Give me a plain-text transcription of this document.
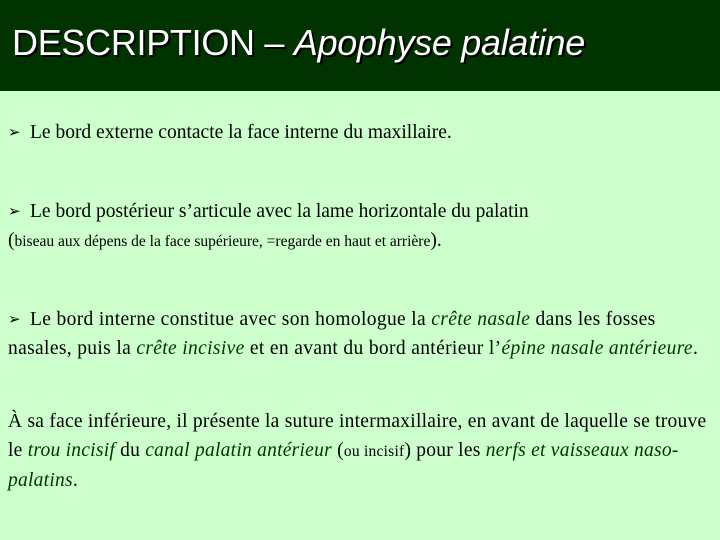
DESCRIPTION – Apophyse palatine

➢ Le bord externe contacte la face interne du maxillaire.

➢ Le bord postérieur s’articule avec la lame horizontale du palatin
(biseau aux dépens de la face supérieure, =regarde en haut et arrière).

➢ Le bord interne constitue avec son homologue la crête nasale dans les fosses nasales, puis la crête incisive et en avant du bord antérieur l’épine nasale antérieure.

À sa face inférieure, il présente la suture intermaxillaire, en avant de laquelle se trouve le trou incisif du canal palatin antérieur (ou incisif) pour les nerfs et vaisseaux naso-palatins.
